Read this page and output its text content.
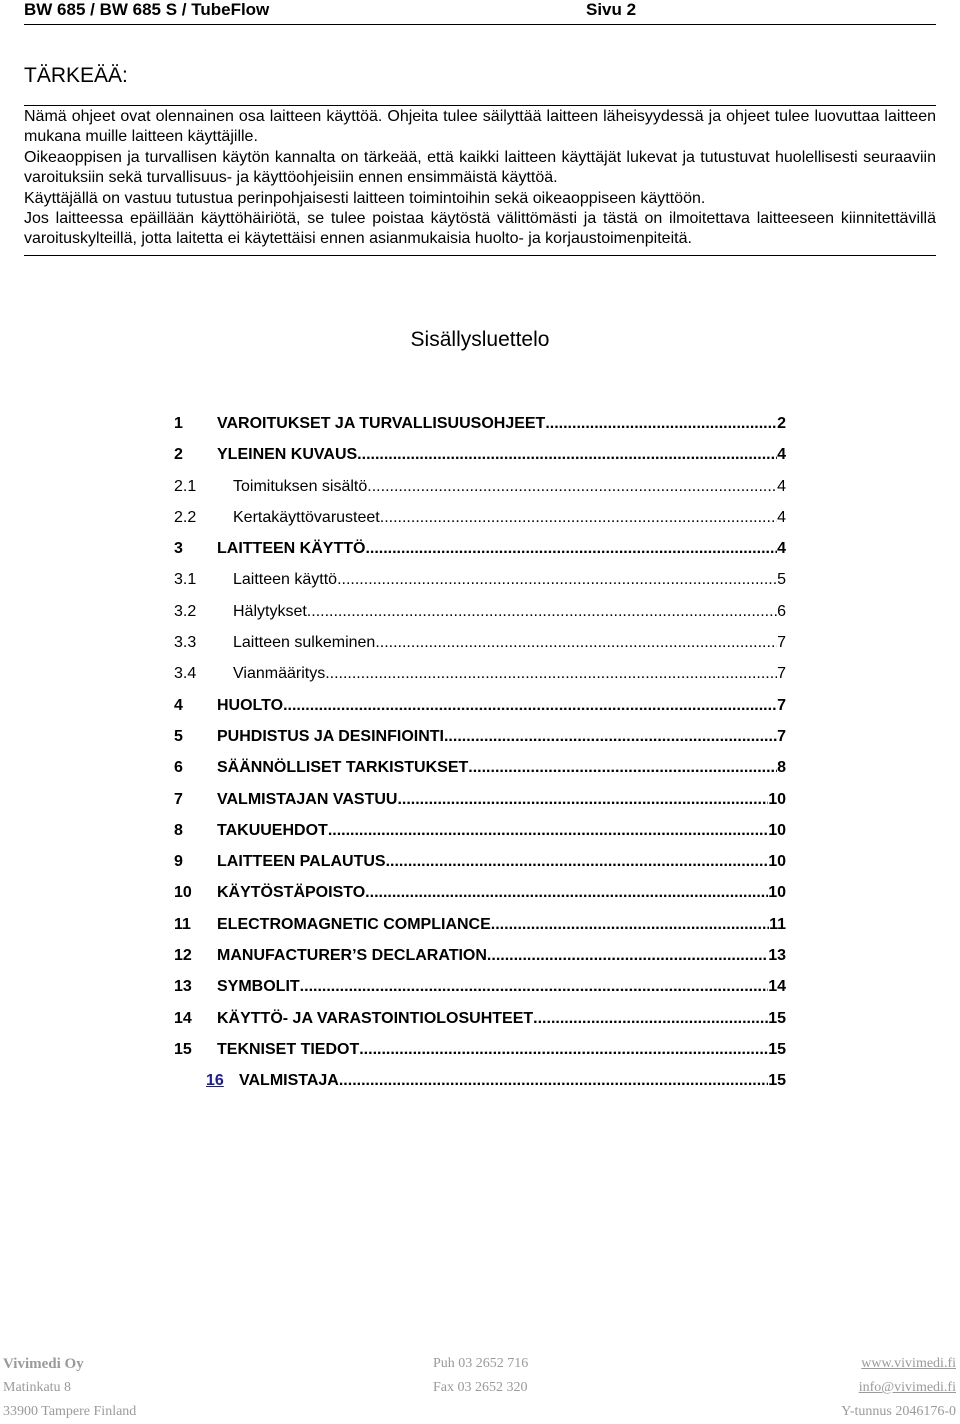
BW 685 / BW 685 S / TubeFlow	Sivu 2
TÄRKEÄÄ:

Nämä ohjeet ovat olennainen osa laitteen käyttöä. Ohjeita tulee säilyttää laitteen läheisyydessä ja ohjeet tulee luovuttaa laitteen mukana muille laitteen käyttäjille.

Oikeaoppisen ja turvallisen käytön kannalta on tärkeää, että kaikki laitteen käyttäjät lukevat ja tutustuvat huolellisesti seuraaviin varoituksiin sekä turvallisuus- ja käyttöohjeisiin ennen ensimmäistä käyttöä.

Käyttäjällä on vastuu tutustua perinpohjaisesti laitteen toimintoihin sekä oikeaoppiseen käyttöön.

Jos laitteessa epäillään käyttöhäiriötä, se tulee poistaa käytöstä välittömästi ja tästä on ilmoitettava laitteeseen kiinnitettävillä varoituskylteillä, jotta laitetta ei käytettäisi ennen asianmukaisia huolto- ja korjaustoimenpiteitä.

Sisällysluettelo
1 VAROITUKSET JA TURVALLISUUSOHJEET .....	2
2 YLEINEN KUVAUS .....	4
2.1 Toimituksen sisältö .....	4
2.2 Kertakäyttövarusteet .....	4
3 LAITTEEN KÄYTTÖ .....	4
3.1 Laitteen käyttö .....	5
3.2 Hälytykset .....	6
3.3 Laitteen sulkeminen .....	7
3.4 Vianmääritys .....	7
4 HUOLTO .....	7
5 PUHDISTUS JA DESINFIOINTI .....	7
6 SÄÄNNÖLLISET TARKISTUKSET .....	8
7 VALMISTAJAN VASTUU .....	10
8 TAKUUEHDOT .....	10
9 LAITTEEN PALAUTUS .....	10
10 KÄYTÖSTÄPOISTO .....	10
11 ELECTROMAGNETIC COMPLIANCE .....	11
12 MANUFACTURER’S DECLARATION .....	13
13 SYMBOLIT .....	14
14 KÄYTTÖ- JA VARASTOINTIOLOSUHTEET .....	15
15 TEKNISET TIEDOT .....	15
16 VALMISTAJA .....	15
Vivimedi Oy
Matinkatu 8
33900 Tampere Finland
Puh 03 2652 716
Fax 03 2652 320
www.vivimedi.fi
info@vivimedi.fi
Y-tunnus 2046176-0
